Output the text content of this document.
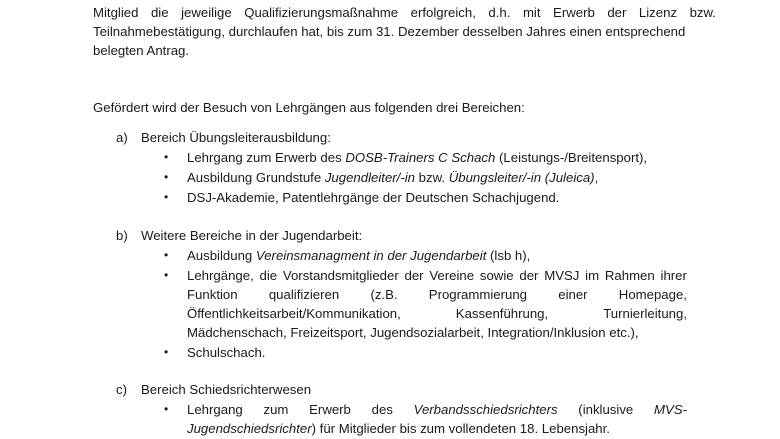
Mitglied die jeweilige Qualifizierungsmaßnahme erfolgreich, d.h. mit Erwerb der Lizenz bzw.
Teilnahmebestätigung, durchlaufen hat, bis zum 31. Dezember desselben Jahres einen entsprechend
belegten Antrag.
Gefördert wird der Besuch von Lehrgängen aus folgenden drei Bereichen:
a) Bereich Übungsleiterausbildung:
• Lehrgang zum Erwerb des DOSB-Trainers C Schach (Leistungs-/Breitensport),
• Ausbildung Grundstufe Jugendleiter/-in bzw. Übungsleiter/-in (Juleica),
• DSJ-Akademie, Patentlehrgänge der Deutschen Schachjugend.
b) Weitere Bereiche in der Jugendarbeit:
• Ausbildung Vereinsmanagment in der Jugendarbeit (lsb h),
• Lehrgänge, die Vorstandsmitglieder der Vereine sowie der MVSJ im Rahmen ihrer
Funktion qualifizieren (z.B. Programmierung einer Homepage,
Öffentlichkeitsarbeit/Kommunikation,	Kassenführung,	Turnierleitung,
Mädchenschach, Freizeitsport, Jugendsozialarbeit, Integration/Inklusion etc.),
• Schulschach.
c) Bereich Schiedsrichterwesen
• Lehrgang zum Erwerb des Verbandsschiedsrichters (inklusive MVS-
Jugendschiedsrichter) für Mitglieder bis zum vollendeten 18. Lebensjahr.
